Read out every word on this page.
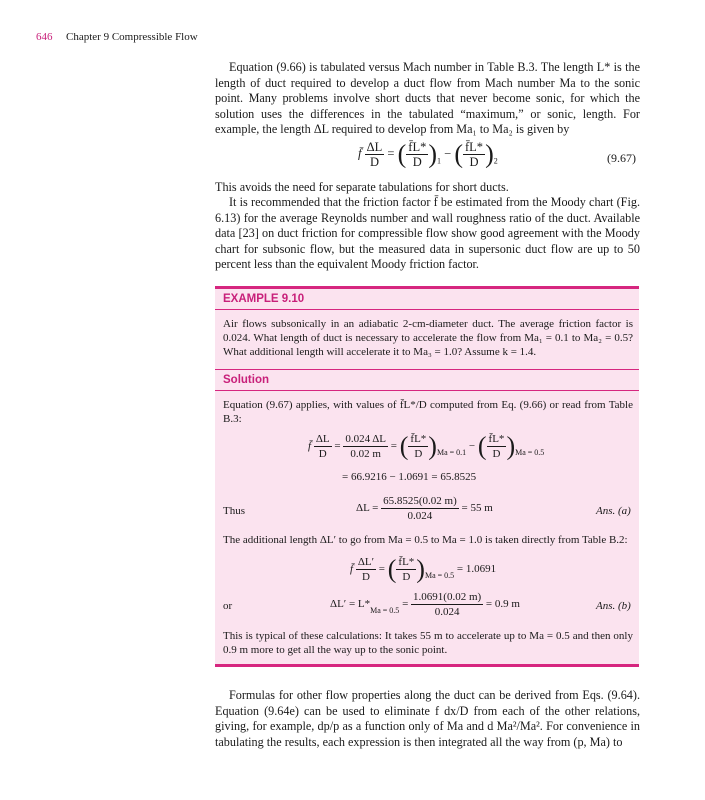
646 Chapter 9 Compressible Flow
Equation (9.66) is tabulated versus Mach number in Table B.3. The length L* is the length of duct required to develop a duct flow from Mach number Ma to the sonic point. Many problems involve short ducts that never become sonic, for which the solution uses the differences in the tabulated “maximum,” or sonic, length. For example, the length ΔL required to develop from Ma₁ to Ma₂ is given by
f̄ $\frac{\Delta L}{D}$ = ( $\frac{f̄L*}{D} )_1$ − ( $\frac{f̄L*}{D} )_2$	(9.67)
This avoids the need for separate tabulations for short ducts.
It is recommended that the friction factor f̄ be estimated from the Moody chart (Fig. 6.13) for the average Reynolds number and wall roughness ratio of the duct. Available data [23] on duct friction for compressible flow show good agreement with the Moody chart for subsonic flow, but the measured data in supersonic duct flow are up to 50 percent less than the equivalent Moody friction factor.
EXAMPLE 9.10
Air flows subsonically in an adiabatic 2-cm-diameter duct. The average friction factor is 0.024. What length of duct is necessary to accelerate the flow from Ma₁ = 0.1 to Ma₂ = 0.5? What additional length will accelerate it to Ma₃ = 1.0? Assume k = 1.4.
Solution
Equation (9.67) applies, with values of f̄L*/D computed from Eq. (9.66) or read from Table B.3:
f̄ $\frac{\Delta L}{D} = \frac{0.024 \Delta L}{0.02 m}$ = ( $\frac{f̄L*}{D} )_{Ma = 0.1}$ − ( $\frac{f̄L*}{D} )_{Ma = 0.5}$
= 66.9216 − 1.0691 = 65.8525
Thus	$\Delta L = \frac{65.8525(0.02 m)}{0.024} = 55$ m	Ans. (a)
The additional length ΔL′ to go from Ma = 0.5 to Ma = 1.0 is taken directly from Table B.2:
f̄ $\frac{\Delta L'}{D}$ = ( $\frac{f̄L*}{D} )_{Ma = 0.5} = 1.0691$
or	$\Delta L' = L*_{Ma = 0.5} = \frac{1.0691(0.02 m)}{0.024} = 0.9$ m	Ans. (b)
This is typical of these calculations: It takes 55 m to accelerate up to Ma = 0.5 and then only 0.9 m more to get all the way up to the sonic point.
Formulas for other flow properties along the duct can be derived from Eqs. (9.64). Equation (9.64e) can be used to eliminate f dx/D from each of the other relations, giving, for example, dp/p as a function only of Ma and d Ma²/Ma². For convenience in tabulating the results, each expression is then integrated all the way from (p, Ma) to
